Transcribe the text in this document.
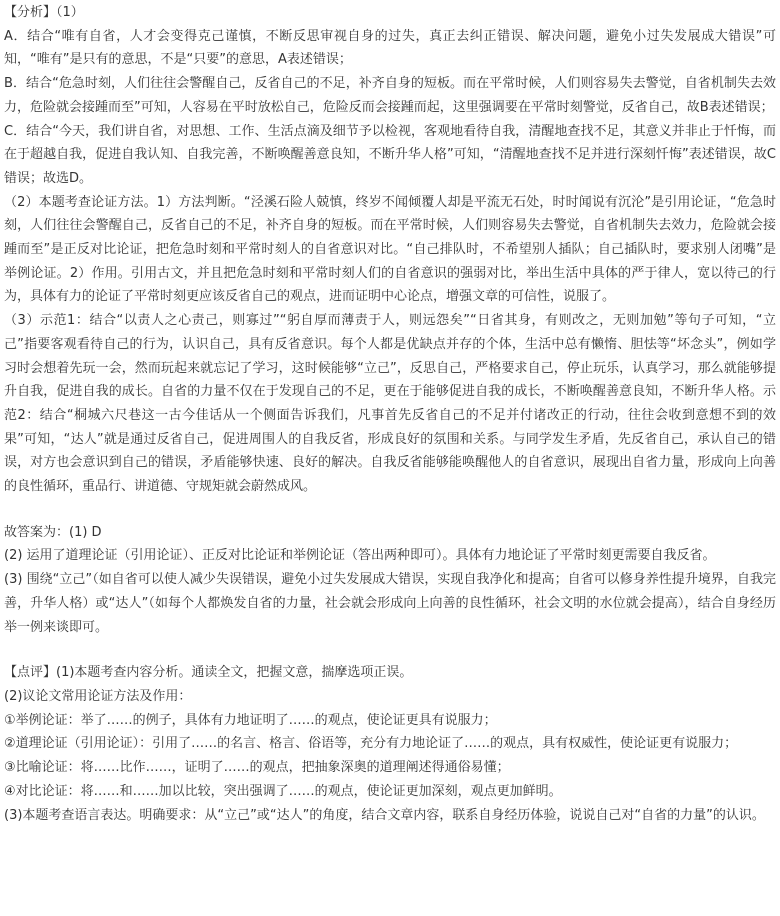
【分析】（1）

A．结合“唯有自省，人才会变得克己谨慎，不断反思审视自身的过失，真正去纠正错误、解决问题，避免小过失发展成大错误”可知，“唯有”是只有的意思，不是“只要”的意思，A表述错误；

B．结合“危急时刻，人们往往会警醒自己，反省自己的不足，补齐自身的短板。而在平常时候，人们则容易失去警觉，自省机制失去效力，危险就会接踵而至”可知，人容易在平时放松自己，危险反而会接踵而起，这里强调要在平常时刻警觉，反省自己，故B表述错误；

C．结合“今天，我们讲自省，对思想、工作、生活点滴及细节予以检视，客观地看待自我，清醒地查找不足，其意义并非止于忏悔，而在于超越自我，促进自我认知、自我完善，不断唤醒善意良知，不断升华人格”可知，“清醒地查找不足并进行深刻忏悔”表述错误，故C错误；故选D。

（2）本题考查论证方法。1）方法判断。“泾溪石险人兢慎，终岁不闻倾覆人却是平流无石处，时时闻说有沉沦”是引用论证，“危急时刻，人们往往会警醒自己，反省自己的不足，补齐自身的短板。而在平常时候，人们则容易失去警觉，自省机制失去效力，危险就会接踵而至”是正反对比论证，把危急时刻和平常时刻人的自省意识对比。“自己排队时，不希望别人插队；自己插队时，要求别人闭嘴”是举例论证。2）作用。引用古文，并且把危急时刻和平常时刻人们的自省意识的强弱对比，举出生活中具体的严于律人，宽以待己的行为，具体有力的论证了平常时刻更应该反省自己的观点，进而证明中心论点，增强文章的可信性，说服了。

（3）示范1：结合“以责人之心责己，则寡过”“躬自厚而薄责于人，则远怨矣”“日省其身，有则改之，无则加勉”等句子可知，“立己”指要客观看待自己的行为，认识自己，具有反省意识。每个人都是优缺点并存的个体，生活中总有懒惰、胆怯等“坏念头”，例如学习时会想着先玩一会，然而玩起来就忘记了学习，这时候能够“立己”，反思自己，严格要求自己，停止玩乐，认真学习，那么就能够提升自我，促进自我的成长。自省的力量不仅在于发现自己的不足，更在于能够促进自我的成长，不断唤醒善意良知，不断升华人格。示范2：结合“桐城六尺巷这一古今佳话从一个侧面告诉我们，凡事首先反省自己的不足并付诸改正的行动，往往会收到意想不到的效果”可知，“达人”就是通过反省自己，促进周围人的自我反省，形成良好的氛围和关系。与同学发生矛盾，先反省自己，承认自己的错误，对方也会意识到自己的错误，矛盾能够快速、良好的解决。自我反省能够能唤醒他人的自省意识，展现出自省力量，形成向上向善的良性循环，重品行、讲道德、守规矩就会蔚然成风。

故答案为：(1) D

(2) 运用了道理论证（引用论证）、正反对比论证和举例论证（答出两种即可）。具体有力地论证了平常时刻更需要自我反省。

(3) 围绕“立己”（如自省可以使人减少失误错误，避免小过失发展成大错误，实现自我净化和提高；自省可以修身养性提升境界，自我完善，升华人格）或“达人”（如每个人都焕发自省的力量，社会就会形成向上向善的良性循环，社会文明的水位就会提高），结合自身经历举一例来谈即可。

【点评】(1)本题考查内容分析。通读全文，把握文意，揣摩选项正误。

(2)议论文常用论证方法及作用：

①举例论证：举了……的例子，具体有力地证明了……的观点，使论证更具有说服力；

②道理论证（引用论证）：引用了……的名言、格言、俗语等，充分有力地论证了……的观点，具有权威性，使论证更有说服力；

③比喻论证：将……比作……，证明了……的观点，把抽象深奥的道理阐述得通俗易懂；

④对比论证：将……和……加以比较，突出强调了……的观点，使论证更加深刻，观点更加鲜明。

(3)本题考查语言表达。明确要求：从“立己”或“达人”的角度，结合文章内容，联系自身经历体验，说说自己对“自省的力量”的认识。
